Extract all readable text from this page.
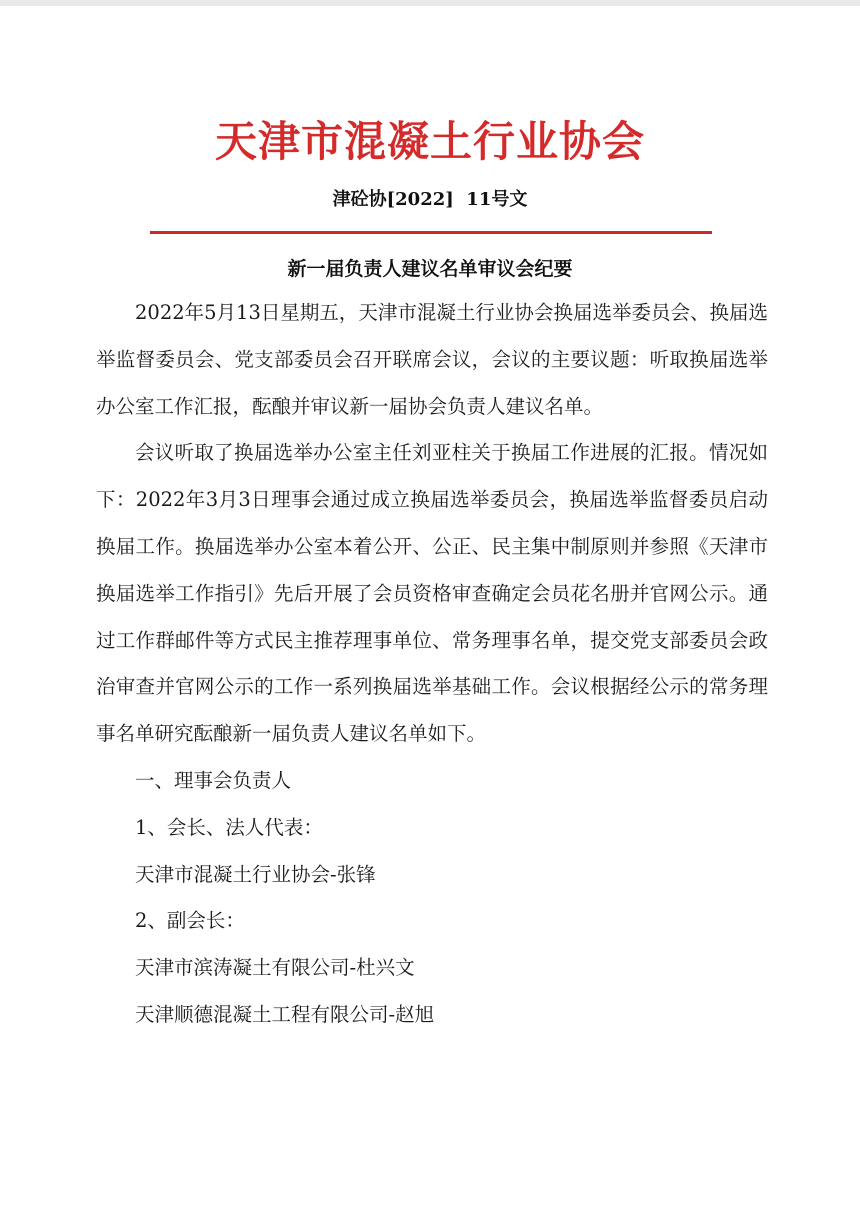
天津市混凝土行业协会
津砼协[2022]  11号文
新一届负责人建议名单审议会纪要

2022年5月13日星期五，天津市混凝土行业协会换届选举委员会、换届选举监督委员会、党支部委员会召开联席会议，会议的主要议题：听取换届选举办公室工作汇报，酝酿并审议新一届协会负责人建议名单。

会议听取了换届选举办公室主任刘亚柱关于换届工作进展的汇报。情况如下：2022年3月3日理事会通过成立换届选举委员会，换届选举监督委员启动换届工作。换届选举办公室本着公开、公正、民主集中制原则并参照《天津市换届选举工作指引》先后开展了会员资格审查确定会员花名册并官网公示。通过工作群邮件等方式民主推荐理事单位、常务理事名单，提交党支部委员会政治审查并官网公示的工作一系列换届选举基础工作。会议根据经公示的常务理事名单研究酝酿新一届负责人建议名单如下。

一、理事会负责人

1、会长、法人代表：

天津市混凝土行业协会-张锋

2、副会长：

天津市滨涛凝土有限公司-杜兴文

天津顺德混凝土工程有限公司-赵旭
